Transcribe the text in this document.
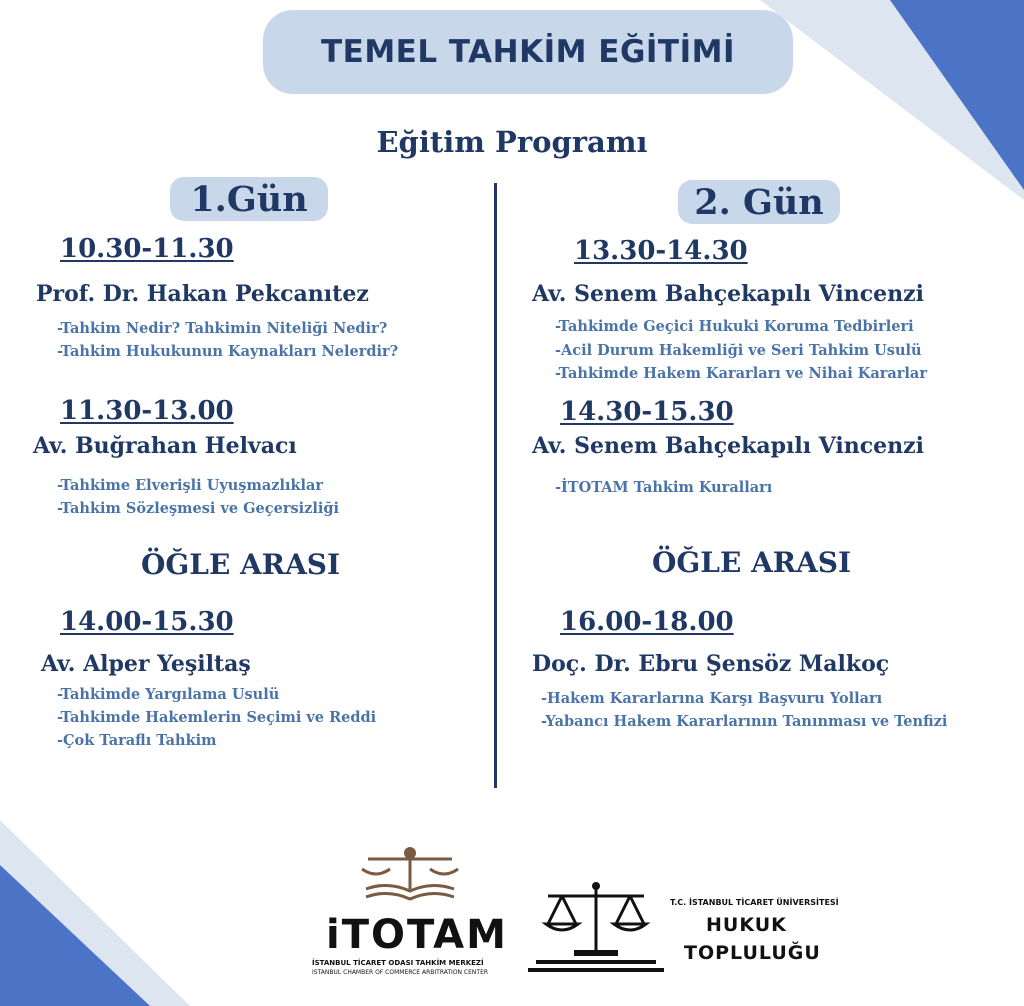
TEMEL TAHKİM EĞİTİMİ
Eğitim Programı
1.Gün
10.30-11.30
Prof. Dr. Hakan Pekcanıtez
-Tahkim Nedir? Tahkimin Niteliği Nedir?
-Tahkim Hukukunun Kaynakları Nelerdir?
11.30-13.00
Av. Buğrahan Helvacı
-Tahkime Elverişli Uyuşmazlıklar
-Tahkim Sözleşmesi ve Geçersizliği
ÖĞLE ARASI
14.00-15.30
Av. Alper Yeşiltaş
-Tahkimde Yargılama Usulü
-Tahkimde Hakemlerin Seçimi ve Reddi
-Çok Taraflı Tahkim
2. Gün
13.30-14.30
Av. Senem Bahçekapılı Vincenzi
-Tahkimde Geçici Hukuki Koruma Tedbirleri
-Acil Durum Hakemliği ve Seri Tahkim Usulü
-Tahkimde Hakem Kararları ve Nihai Kararlar
14.30-15.30
Av. Senem Bahçekapılı Vincenzi
-İTOTAM Tahkim Kuralları
ÖĞLE ARASI
16.00-18.00
Doç. Dr. Ebru Şensöz Malkoç
-Hakem Kararlarına Karşı Başvuru Yolları
-Yabancı Hakem Kararlarının Tanınması ve Tenfizi
iTOTAM
İSTANBUL TİCARET ODASI TAHKİM MERKEZİ
ISTANBUL CHAMBER OF COMMERCE ARBITRATION CENTER
T.C. İSTANBUL TİCARET ÜNİVERSİTESİ
HUKUK
TOPLULUĞU
